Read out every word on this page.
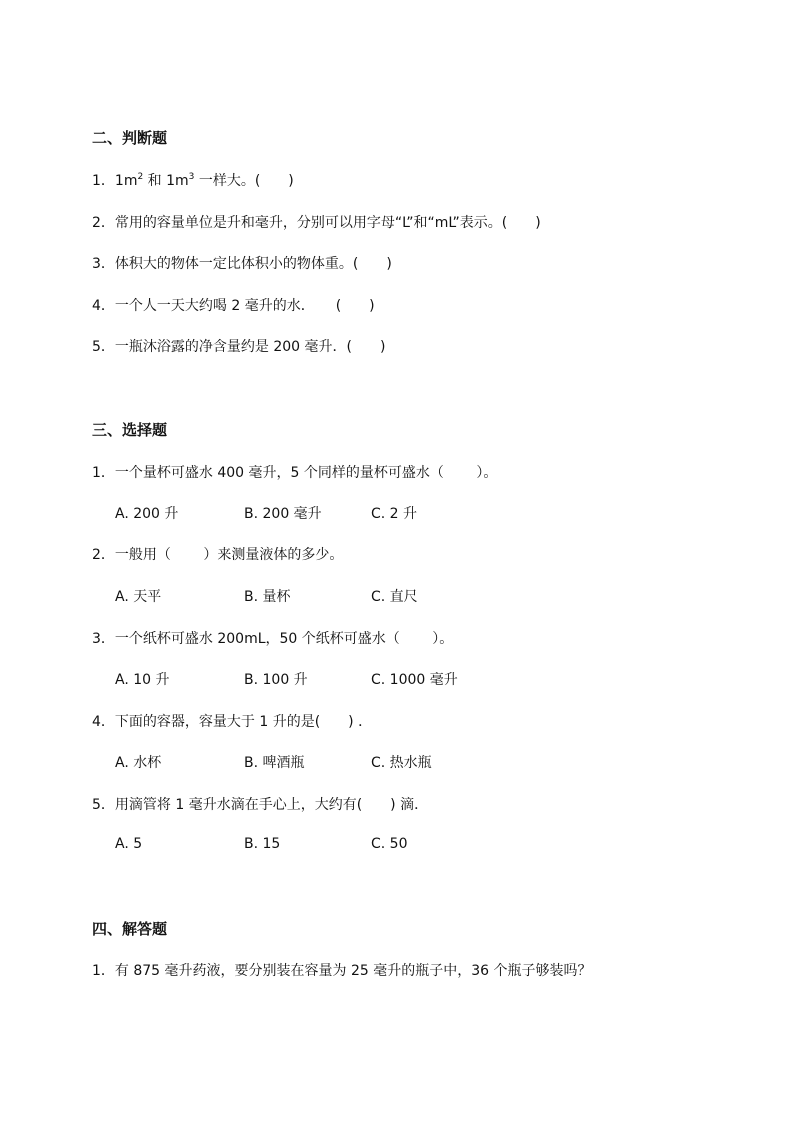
二、判断题
1．$1m^2$ 和 $1m^3$ 一样大。(　　)
2．常用的容量单位是升和毫升，分别可以用字母“L”和“mL”表示。(　　)
3．体积大的物体一定比体积小的物体重。(　　)
4．一个人一天大约喝 2 毫升的水．　　(　　)
5．一瓶沐浴露的净含量约是 200 毫升．(　　)
三、选择题
1．一个量杯可盛水 400 毫升，5 个同样的量杯可盛水（　　 ）。
A. 200 升	B. 200 毫升	C. 2 升
2．一般用（　　 ）来测量液体的多少。
A. 天平	B. 量杯	C. 直尺
3．一个纸杯可盛水 200mL，50 个纸杯可盛水（　　 ）。
A. 10 升	B. 100 升	C. 1000 毫升
4．下面的容器，容量大于 1 升的是(　　) ．
A. 水杯	B. 啤酒瓶	C. 热水瓶
5．用滴管将 1 毫升水滴在手心上，大约有(　　) 滴．
A. 5	B. 15	C. 50
四、解答题
1．有 875 毫升药液，要分别装在容量为 25 毫升的瓶子中，36 个瓶子够装吗？
